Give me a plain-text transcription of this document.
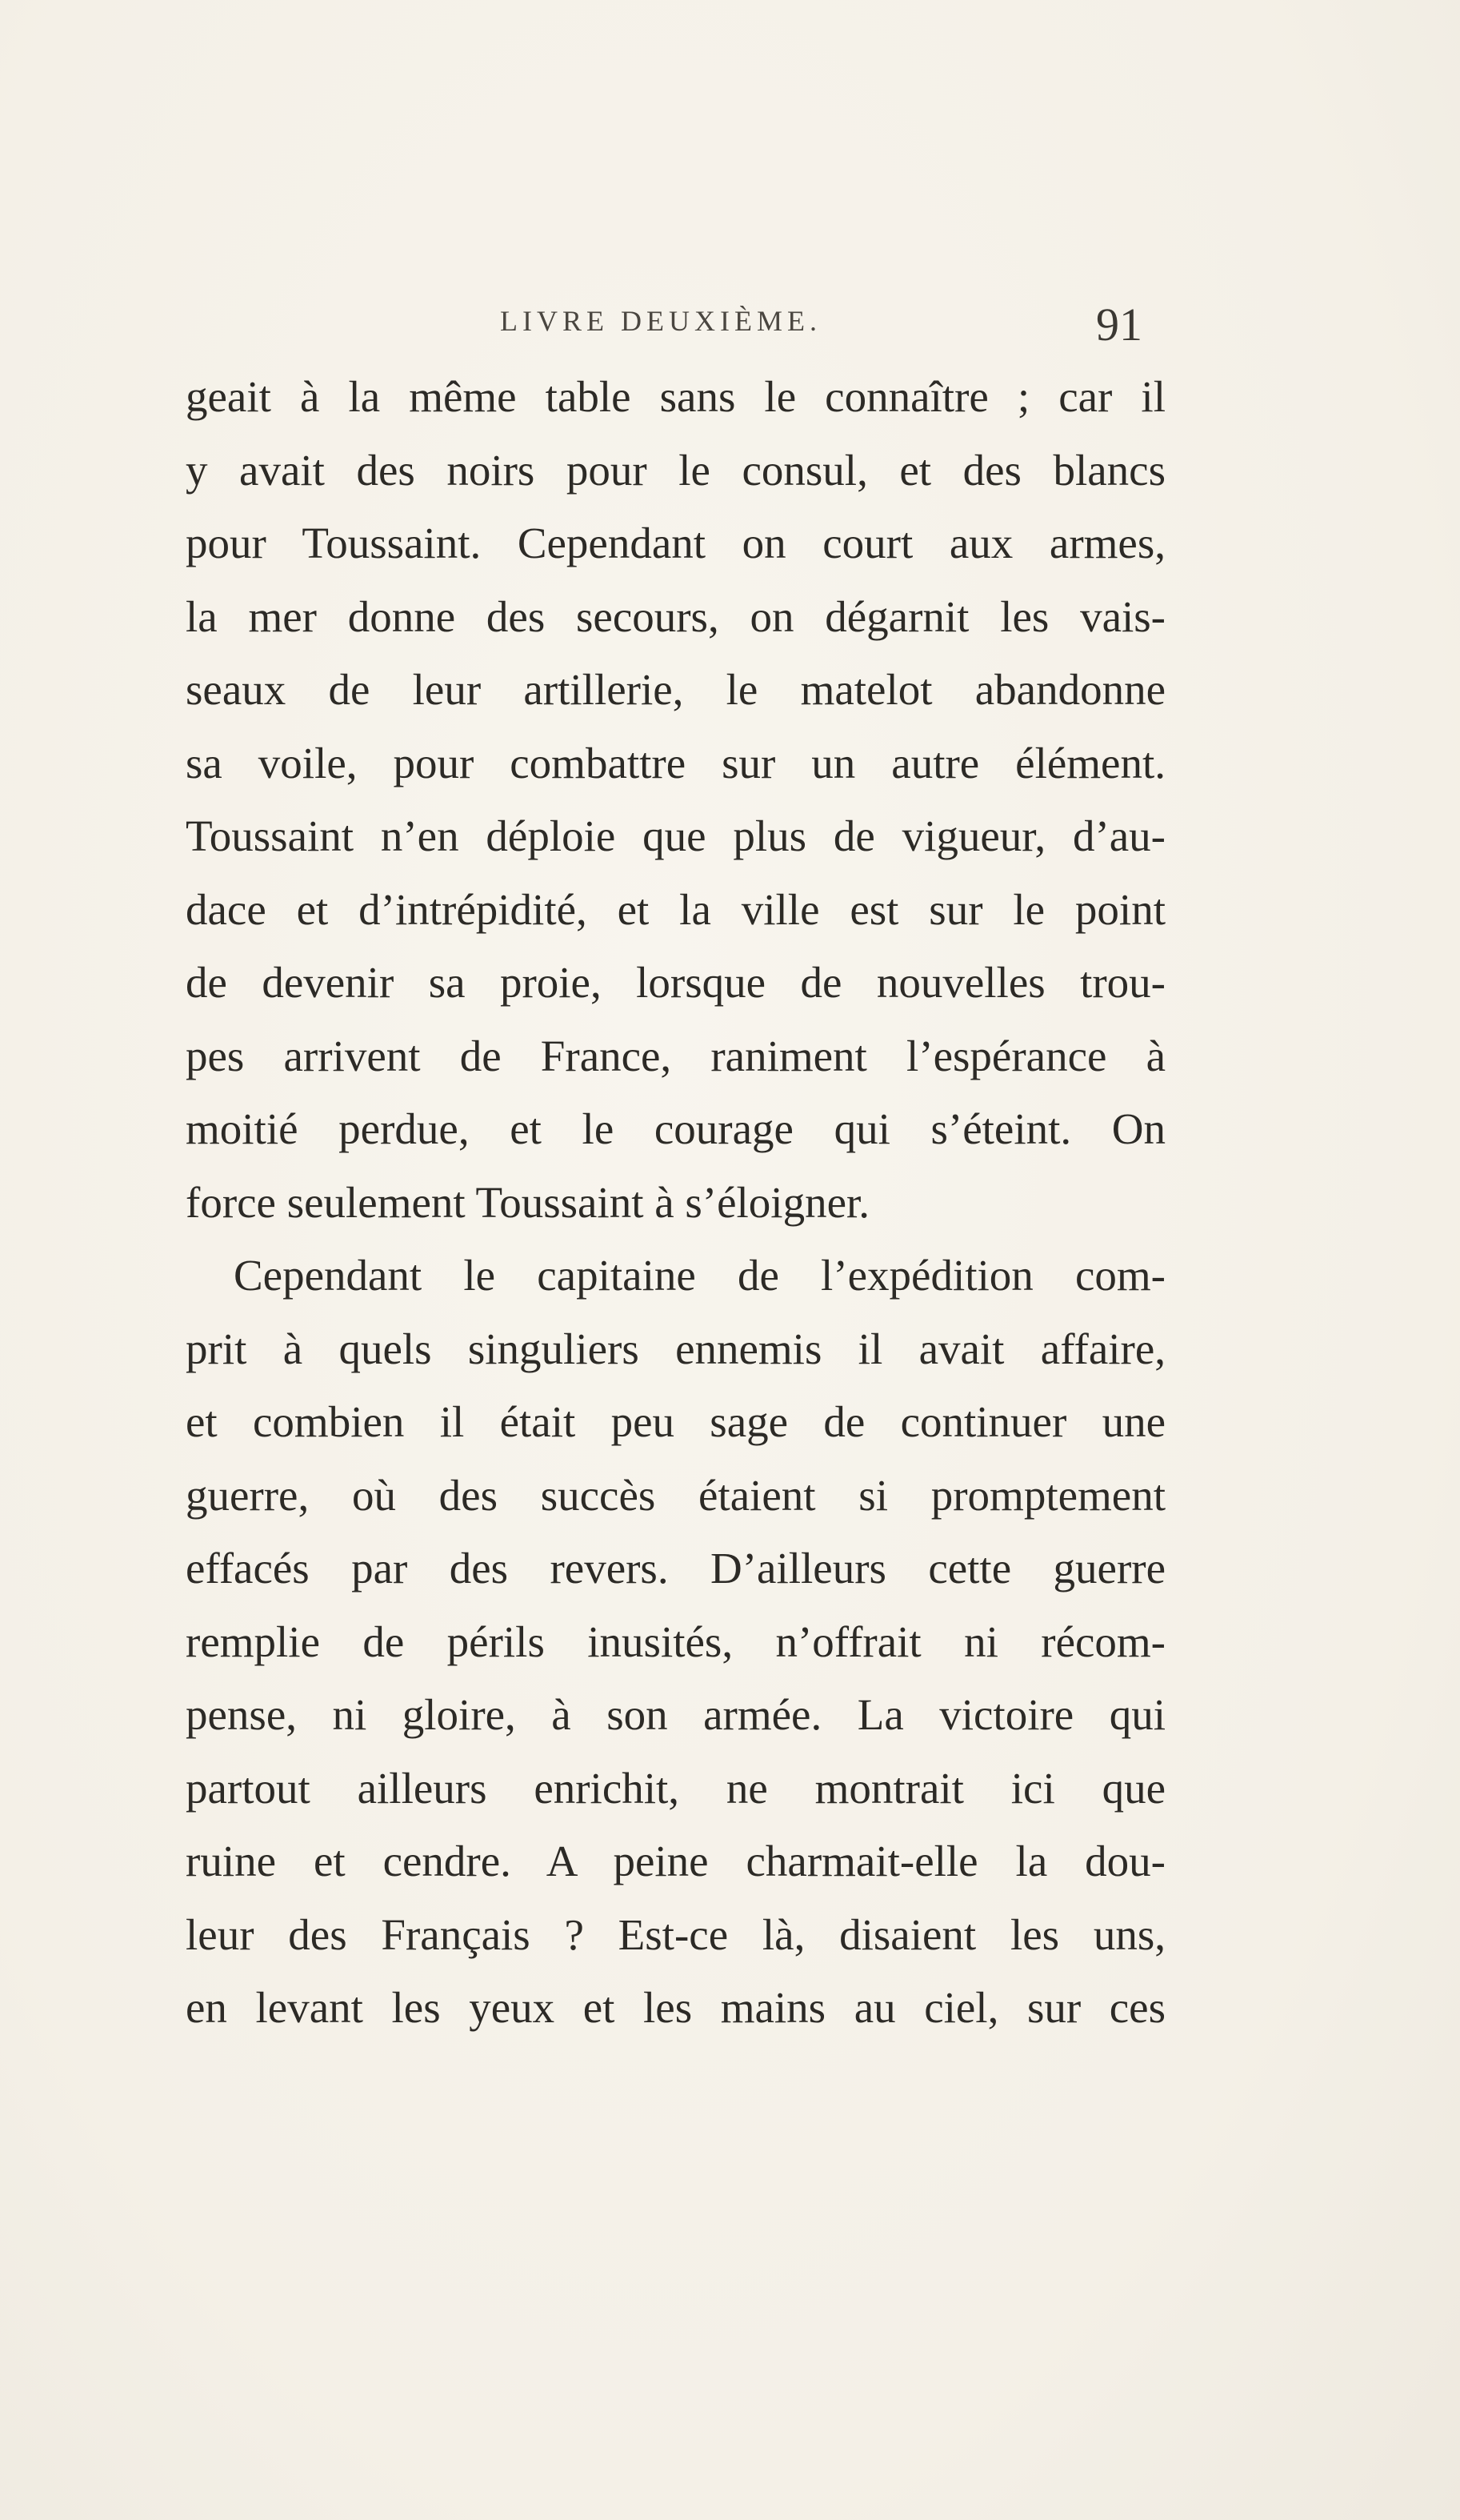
LIVRE DEUXIÈME.	91
geait à la même table sans le connaître ; car il
y avait des noirs pour le consul, et des blancs
pour Toussaint. Cependant on court aux armes,
la mer donne des secours, on dégarnit les vais-
seaux de leur artillerie, le matelot abandonne
sa voile, pour combattre sur un autre élément.
Toussaint n’en déploie que plus de vigueur, d’au-
dace et d’intrépidité, et la ville est sur le point
de devenir sa proie, lorsque de nouvelles trou-
pes arrivent de France, raniment l’espérance à
moitié perdue, et le courage qui s’éteint. On
force seulement Toussaint à s’éloigner.
Cependant le capitaine de l’expédition com-
prit à quels singuliers ennemis il avait affaire,
et combien il était peu sage de continuer une
guerre, où des succès étaient si promptement
effacés par des revers. D’ailleurs cette guerre
remplie de périls inusités, n’offrait ni récom-
pense, ni gloire, à son armée. La victoire qui
partout ailleurs enrichit, ne montrait ici que
ruine et cendre. A peine charmait-elle la dou-
leur des Français ? Est-ce là, disaient les uns,
en levant les yeux et les mains au ciel, sur ces
